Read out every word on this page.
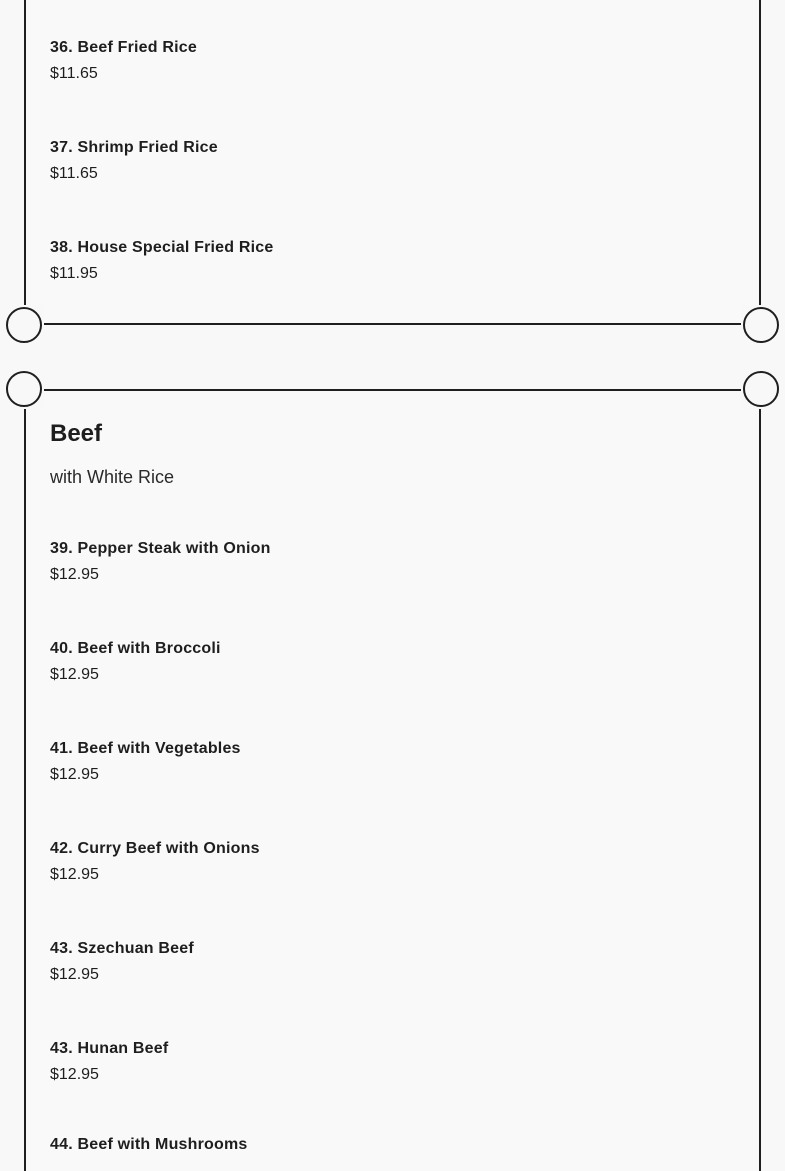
36. Beef Fried Rice
$11.65
37. Shrimp Fried Rice
$11.65
38. House Special Fried Rice
$11.95
Beef
with White Rice
39. Pepper Steak with Onion
$12.95
40. Beef with Broccoli
$12.95
41. Beef with Vegetables
$12.95
42. Curry Beef with Onions
$12.95
43. Szechuan Beef
$12.95
43. Hunan Beef
$12.95
44. Beef with Mushrooms
